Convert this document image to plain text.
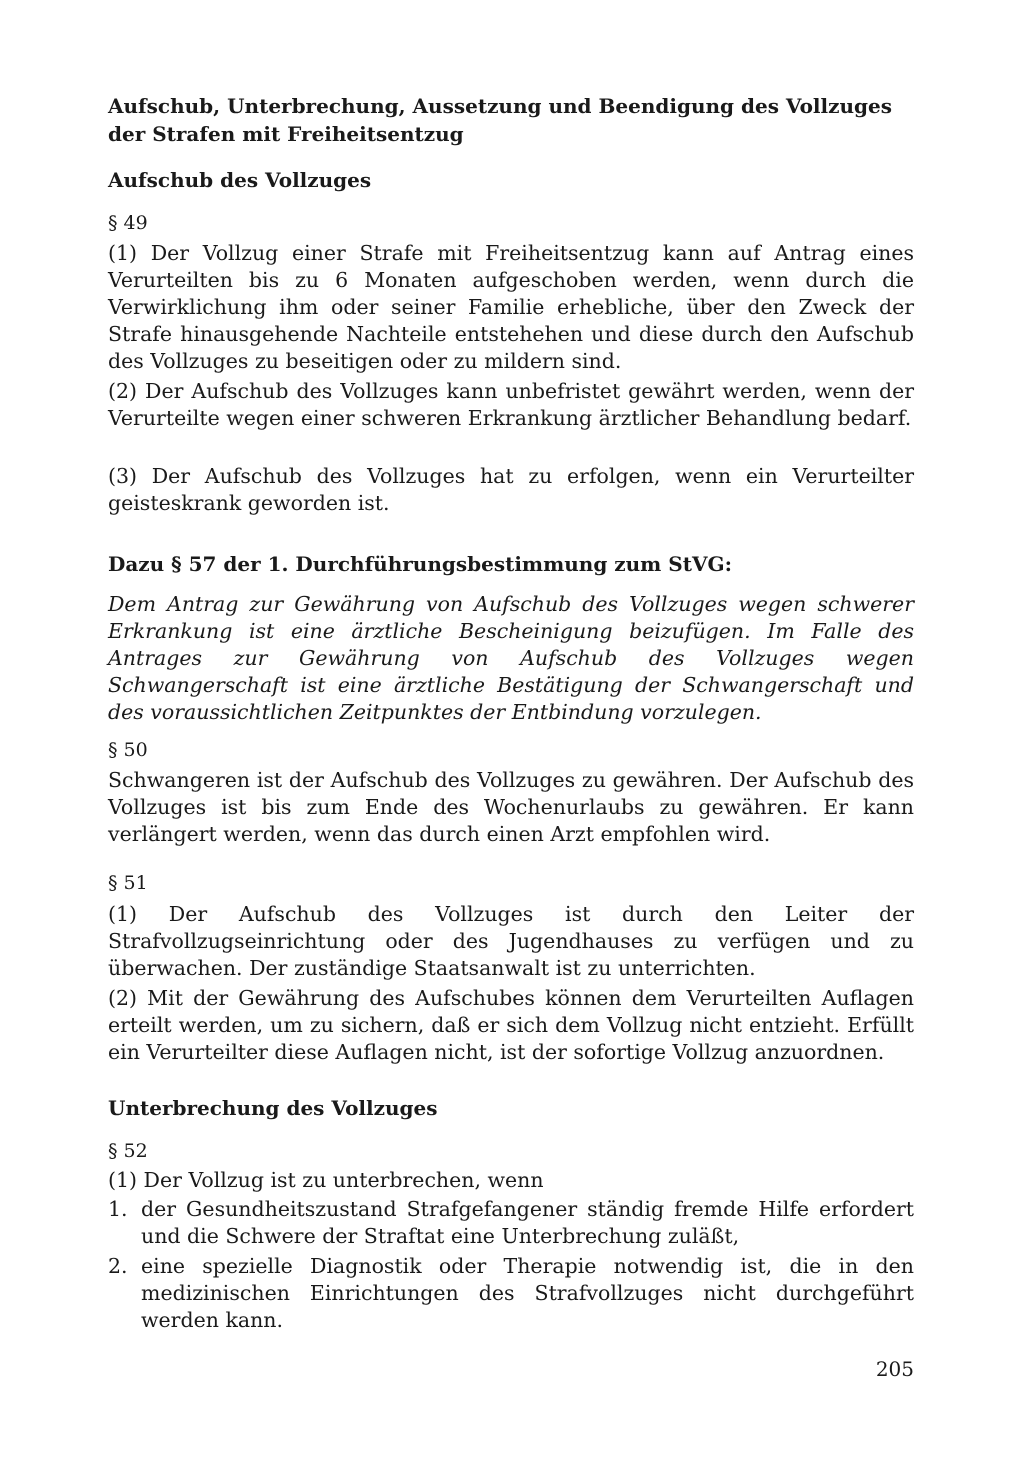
Aufschub, Unterbrechung, Aussetzung und Beendigung des Vollzuges der Strafen mit Freiheitsentzug
Aufschub des Vollzuges
§ 49

(1) Der Vollzug einer Strafe mit Freiheitsentzug kann auf Antrag eines Verurteilten bis zu 6 Monaten aufgeschoben werden, wenn durch die Verwirklichung ihm oder seiner Familie erhebliche, über den Zweck der Strafe hinausgehende Nachteile entstehehen und diese durch den Aufschub des Vollzuges zu beseitigen oder zu mildern sind.

(2) Der Aufschub des Vollzuges kann unbefristet gewährt werden, wenn der Verurteilte wegen einer schweren Erkrankung ärztlicher Behandlung bedarf.

(3) Der Aufschub des Vollzuges hat zu erfolgen, wenn ein Verurteilter geisteskrank geworden ist.

Dazu § 57 der 1. Durchführungsbestimmung zum StVG:

Dem Antrag zur Gewährung von Aufschub des Vollzuges wegen schwerer Erkrankung ist eine ärztliche Bescheinigung beizufügen. Im Falle des Antrages zur Gewährung von Aufschub des Vollzuges wegen Schwangerschaft ist eine ärztliche Bestätigung der Schwangerschaft und des voraussichtlichen Zeitpunktes der Entbindung vorzulegen.

§ 50

Schwangeren ist der Aufschub des Vollzuges zu gewähren. Der Aufschub des Vollzuges ist bis zum Ende des Wochenurlaubs zu gewähren. Er kann verlängert werden, wenn das durch einen Arzt empfohlen wird.

§ 51

(1) Der Aufschub des Vollzuges ist durch den Leiter der Strafvollzugseinrichtung oder des Jugendhauses zu verfügen und zu überwachen. Der zuständige Staatsanwalt ist zu unterrichten.

(2) Mit der Gewährung des Aufschubes können dem Verurteilten Auflagen erteilt werden, um zu sichern, daß er sich dem Vollzug nicht entzieht. Erfüllt ein Verurteilter diese Auflagen nicht, ist der sofortige Vollzug anzuordnen.

Unterbrechung des Vollzuges
§ 52

(1) Der Vollzug ist zu unterbrechen, wenn

1. der Gesundheitszustand Strafgefangener ständig fremde Hilfe erfordert und die Schwere der Straftat eine Unterbrechung zuläßt,
2. eine spezielle Diagnostik oder Therapie notwendig ist, die in den medizinischen Einrichtungen des Strafvollzuges nicht durchgeführt werden kann.
205
